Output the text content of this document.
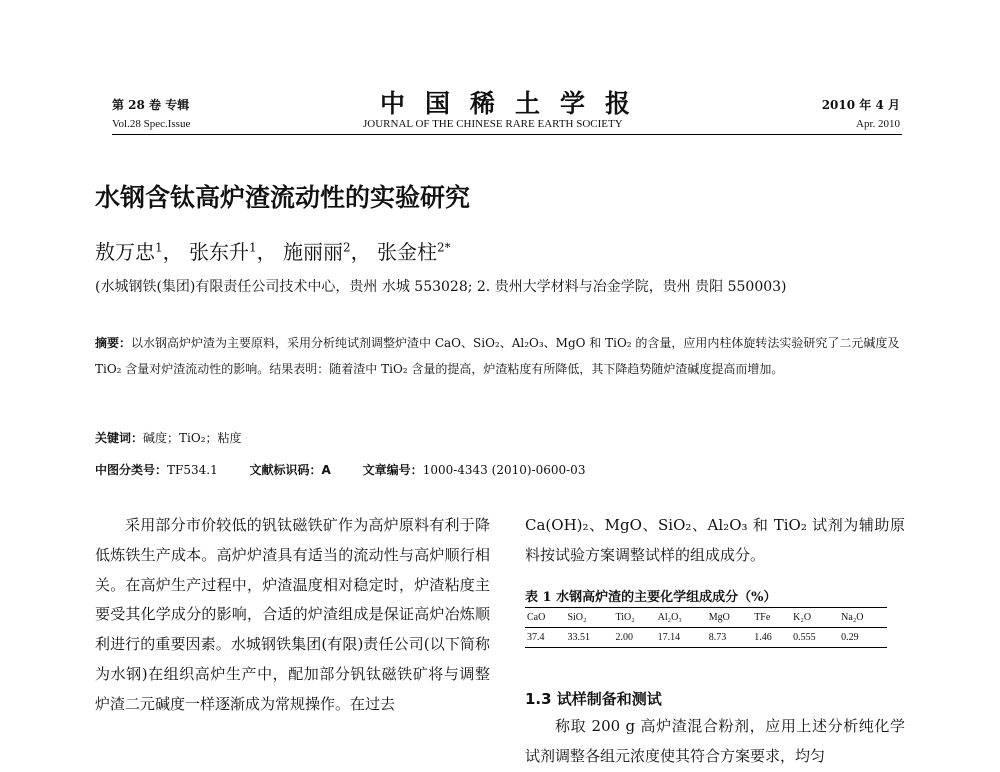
第 28 卷 专辑
Vol.28 Spec.Issue
中国稀土学报
JOURNAL OF THE CHINESE RARE EARTH SOCIETY
2010 年 4 月
Apr. 2010
水钢含钛高炉渣流动性的实验研究
敖万忠$^1$， 张东升$^1$， 施丽丽$^2$， 张金柱$^{2*}$
(水城钢铁(集团)有限责任公司技术中心，贵州 水城 553028; 2. 贵州大学材料与冶金学院，贵州 贵阳 550003)
摘要：以水钢高炉炉渣为主要原料，采用分析纯试剂调整炉渣中 CaO、SiO₂、Al₂O₃、MgO 和 TiO₂ 的含量，应用内柱体旋转法实验研究了二元碱度及 TiO₂ 含量对炉渣流动性的影响。结果表明：随着渣中 TiO₂ 含量的提高，炉渣粘度有所降低，其下降趋势随炉渣碱度提高而增加。
关键词：碱度；TiO₂；粘度
中图分类号：TF534.1	文献标识码：A	文章编号：1000-4343 (2010)-0600-03
采用部分市价较低的钒钛磁铁矿作为高炉原料有利于降低炼铁生产成本。高炉炉渣具有适当的流动性与高炉顺行相关。在高炉生产过程中，炉渣温度相对稳定时，炉渣粘度主要受其化学成分的影响，合适的炉渣组成是保证高炉冶炼顺利进行的重要因素。水城钢铁集团(有限)责任公司(以下简称为水钢)在组织高炉生产中，配加部分钒钛磁铁矿将与调整炉渣二元碱度一样逐渐成为常规操作。在过去
Ca(OH)₂、MgO、SiO₂、Al₂O₃ 和 TiO₂ 试剂为辅助原料按试验方案调整试样的组成成分。
表 1 水钢高炉渣的主要化学组成成分（%）
CaO	SiO₂	TiO₂	Al₂O₃	MgO	TFe	K₂O	Na₂O
37.4	33.51	2.00	17.14	8.73	1.46	0.555	0.29
1.3 试样制备和测试
称取 200 g 高炉渣混合粉剂，应用上述分析纯化学试剂调整各组元浓度使其符合方案要求，均匀
